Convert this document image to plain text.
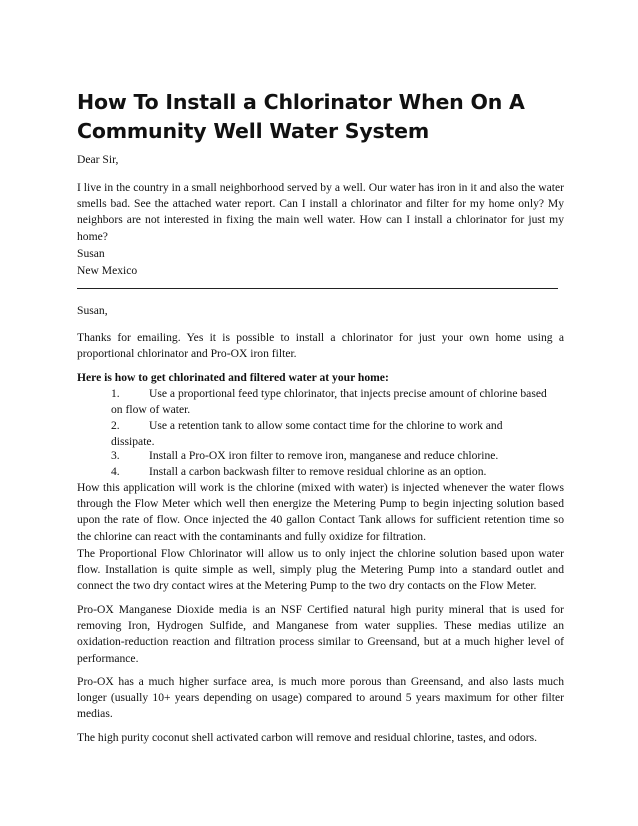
How To Install a Chlorinator When On A
Community Well Water System

Dear Sir,

I live in the country in a small neighborhood served by a well. Our water has iron in it and also the water smells bad. See the attached water report. Can I install a chlorinator and filter for my home only? My neighbors are not interested in fixing the main well water. How can I install a chlorinator for just my home?

Susan

New Mexico

Susan,

Thanks for emailing. Yes it is possible to install a chlorinator for just your own home using a proportional chlorinator and Pro-OX iron filter.

Here is how to get chlorinated and filtered water at your home:

1.	Use a proportional feed type chlorinator, that injects precise amount of chlorine based
on flow of water.
2.	Use a retention tank to allow some contact time for the chlorine to work and
dissipate.
3.	Install a Pro-OX iron filter to remove iron, manganese and reduce chlorine.
4.	Install a carbon backwash filter to remove residual chlorine as an option.

How this application will work is the chlorine (mixed with water) is injected whenever the water flows through the Flow Meter which well then energize the Metering Pump to begin injecting solution based upon the rate of flow. Once injected the 40 gallon Contact Tank allows for sufficient retention time so the chlorine can react with the contaminants and fully oxidize for filtration.

The Proportional Flow Chlorinator will allow us to only inject the chlorine solution based upon water flow. Installation is quite simple as well, simply plug the Metering Pump into a standard outlet and connect the two dry contact wires at the Metering Pump to the two dry contacts on the Flow Meter.

Pro-OX Manganese Dioxide media is an NSF Certified natural high purity mineral that is used for removing Iron, Hydrogen Sulfide, and Manganese from water supplies. These medias utilize an oxidation-reduction reaction and filtration process similar to Greensand, but at a much higher level of performance.

Pro-OX has a much higher surface area, is much more porous than Greensand, and also lasts much longer (usually 10+ years depending on usage) compared to around 5 years maximum for other filter medias.

The high purity coconut shell activated carbon will remove and residual chlorine, tastes, and odors.
